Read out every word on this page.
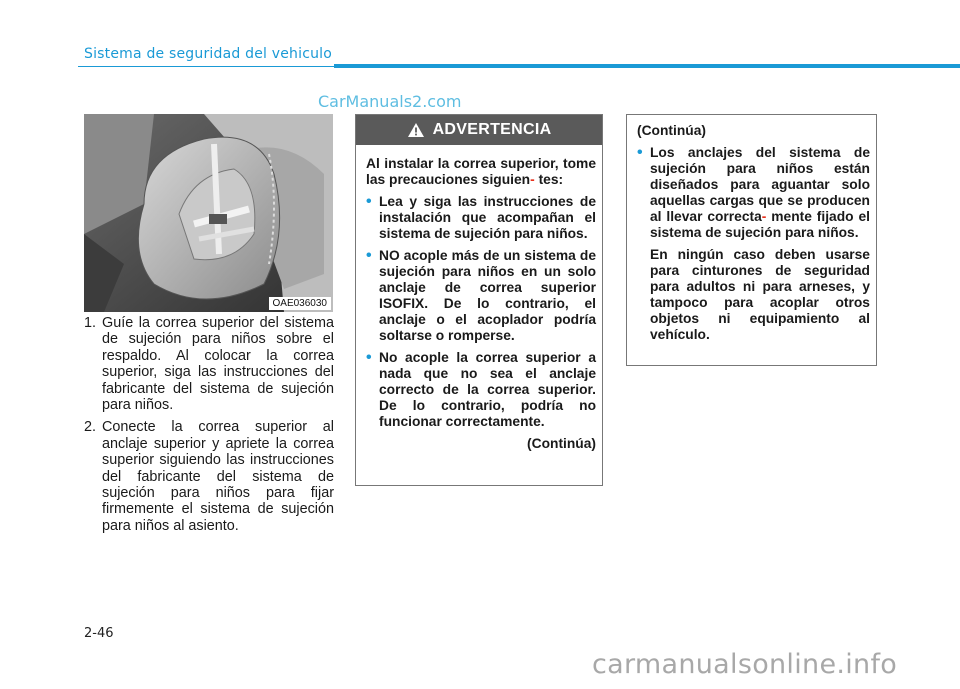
Sistema de seguridad del vehiculo
CarManuals2.com
OAE036030
1. Guíe la correa superior del sistema de sujeción para niños sobre el respaldo. Al colocar la correa superior, siga las instrucciones del fabricante del sistema de sujeción para niños.
2. Conecte la correa superior al anclaje superior y apriete la correa superior siguiendo las instrucciones del fabricante del sistema de sujeción para niños para fijar firmemente el sistema de sujeción para niños al asiento.
ADVERTENCIA

Al instalar la correa superior, tome las precauciones siguien- tes:

• Lea y siga las instrucciones de instalación que acompañan el sistema de sujeción para niños.
• NO acople más de un sistema de sujeción para niños en un solo anclaje de correa superior ISOFIX. De lo contrario, el anclaje o el acoplador podría soltarse o romperse.
• No acople la correa superior a nada que no sea el anclaje correcto de la correa superior. De lo contrario, podría no funcionar correctamente.
(Continúa)

(Continúa)

• Los anclajes del sistema de sujeción para niños están diseñados para aguantar solo aquellas cargas que se producen al llevar correcta- mente fijado el sistema de sujeción para niños.
En ningún caso deben usarse para cinturones de seguridad para adultos ni para arneses, y tampoco para acoplar otros objetos ni equipamiento al vehículo.
2-46
carmanualsonline.info
